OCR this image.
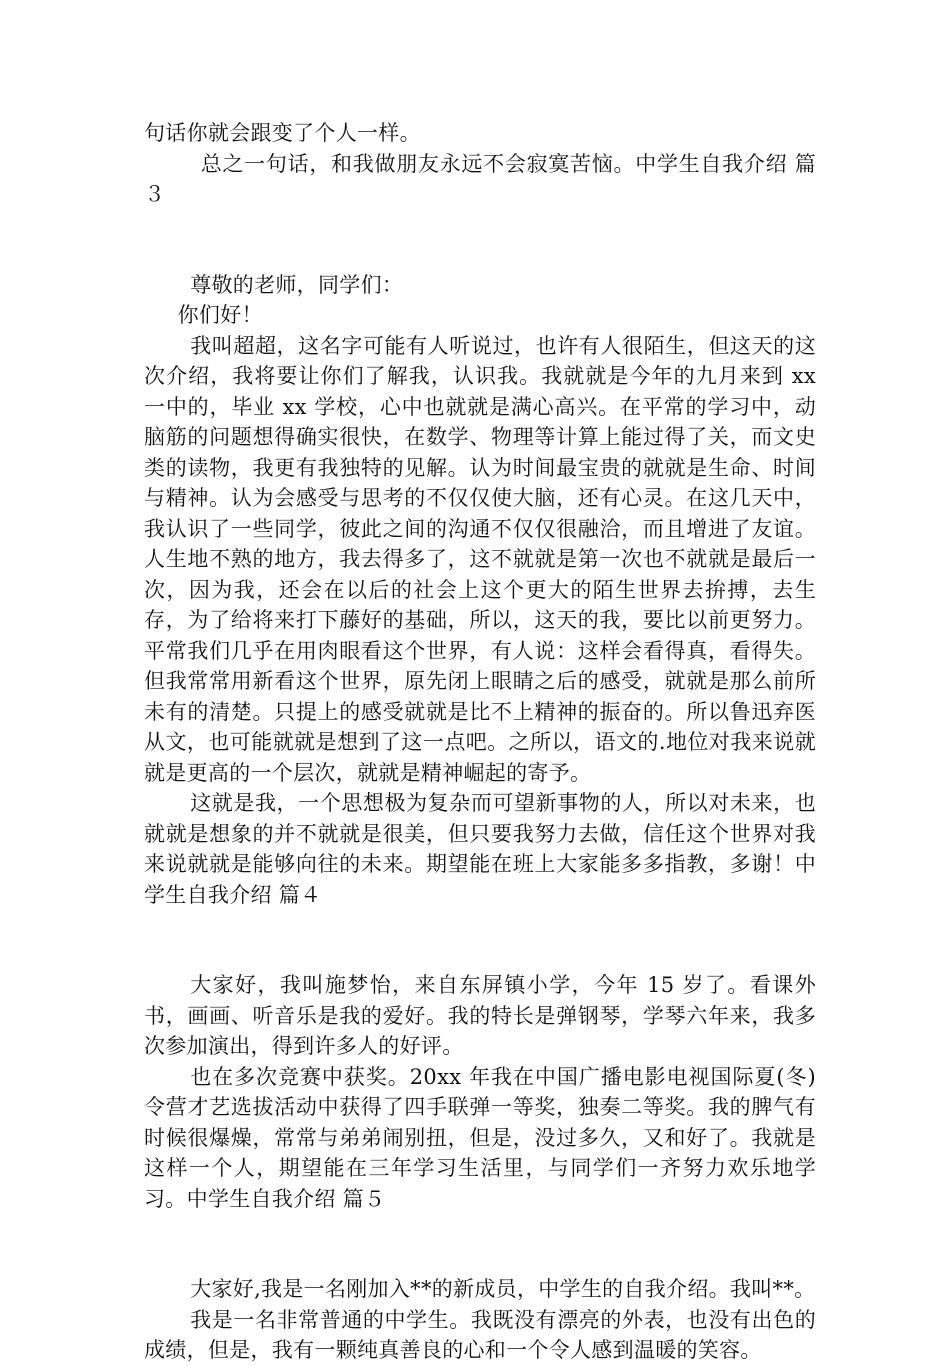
句话你就会跟变了个人一样。

总之一句话，和我做朋友永远不会寂寞苦恼。中学生自我介绍 篇３

尊敬的老师，同学们：

你们好！

我叫超超，这名字可能有人听说过，也许有人很陌生，但这天的这次介绍，我将要让你们了解我，认识我。我就就是今年的九月来到 xx 一中的，毕业 xx 学校，心中也就就是满心高兴。在平常的学习中，动脑筋的问题想得确实很快，在数学、物理等计算上能过得了关，而文史类的读物，我更有我独特的见解。认为时间最宝贵的就就是生命、时间与精神。认为会感受与思考的不仅仅使大脑，还有心灵。在这几天中，我认识了一些同学，彼此之间的沟通不仅仅很融洽，而且增进了友谊。人生地不熟的地方，我去得多了，这不就就是第一次也不就就是最后一次，因为我，还会在以后的社会上这个更大的陌生世界去拚搏，去生存，为了给将来打下藤好的基础，所以，这天的我，要比以前更努力。平常我们几乎在用肉眼看这个世界，有人说：这样会看得真，看得失。但我常常用新看这个世界，原先闭上眼睛之后的感受，就就是那么前所未有的清楚。只提上的感受就就是比不上精神的振奋的。所以鲁迅弃医从文，也可能就就是想到了这一点吧。之所以，语文的.地位对我来说就就是更高的一个层次，就就是精神崛起的寄予。

这就是我，一个思想极为复杂而可望新事物的人，所以对未来，也就就是想象的并不就就是很美，但只要我努力去做，信任这个世界对我来说就就是能够向往的未来。期望能在班上大家能多多指教，多谢！中学生自我介绍 篇４

大家好，我叫施梦怡，来自东屏镇小学，今年 15 岁了。看课外书，画画、听音乐是我的爱好。我的特长是弹钢琴，学琴六年来，我多次参加演出，得到许多人的好评。

也在多次竞赛中获奖。20xx 年我在中国广播电影电视国际夏(冬)令营才艺选拔活动中获得了四手联弹一等奖，独奏二等奖。我的脾气有时候很爆燥，常常与弟弟闹别扭，但是，没过多久，又和好了。我就是这样一个人，期望能在三年学习生活里，与同学们一齐努力欢乐地学习。中学生自我介绍 篇５

大家好,我是一名刚加入**的新成员，中学生的自我介绍。我叫**。

我是一名非常普通的中学生。我既没有漂亮的外表，也没有出色的成绩，但是，我有一颗纯真善良的心和一个令人感到温暖的笑容。
